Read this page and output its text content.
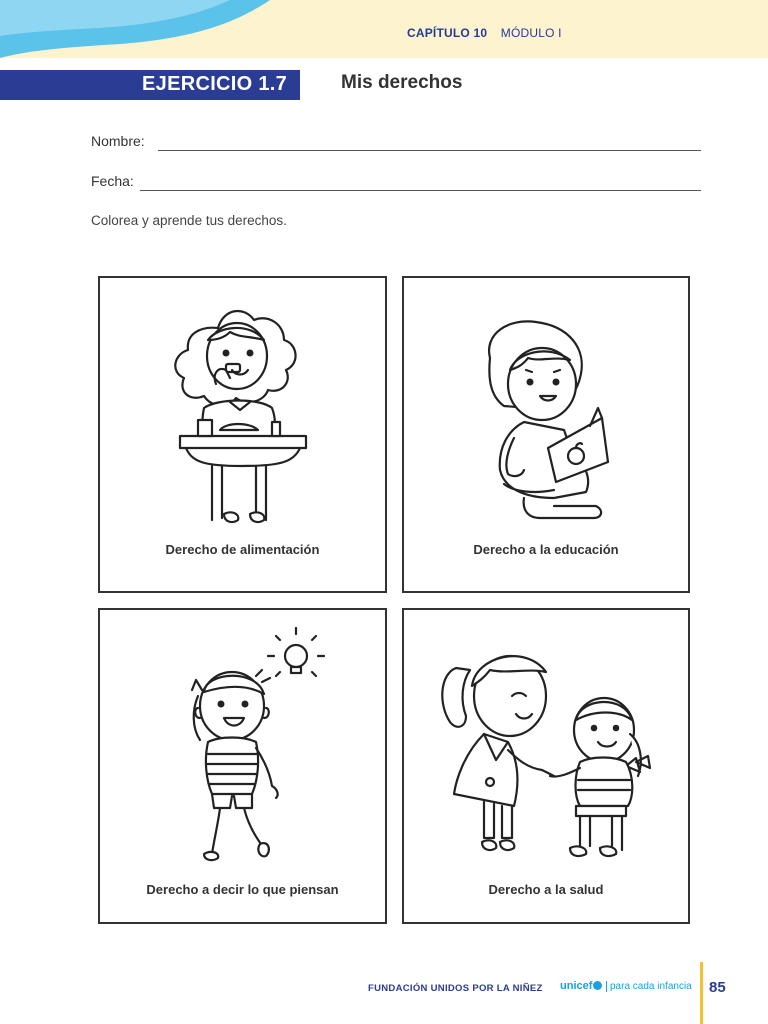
CAPÍTULO 10 MÓDULO I
EJERCICIO 1.7	Mis derechos
Nombre:
Fecha:
Colorea y aprende tus derechos.
Derecho de alimentación	Derecho a la educación
Derecho a decir lo que piensan	Derecho a la salud
FUNDACIÓN UNIDOS POR LA NIÑEZ unicef	para cada infancia 85
